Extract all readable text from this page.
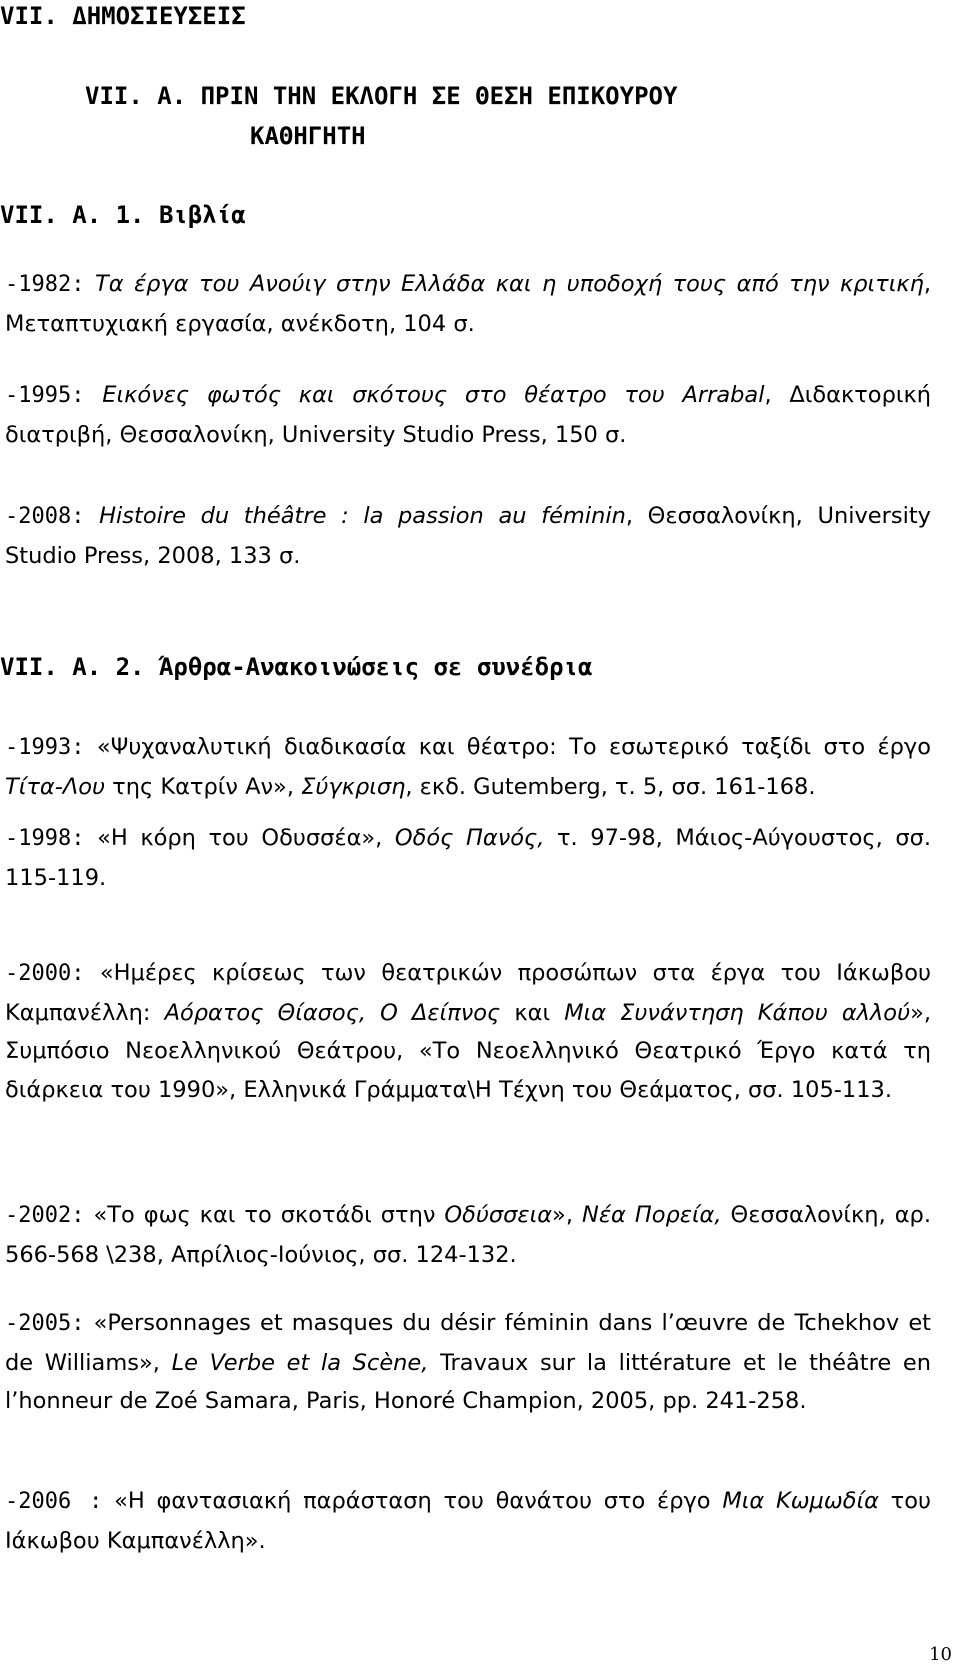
VII. ΔΗΜΟΣΙΕΥΣΕΙΣ
VII. A. ΠΡΙΝ ΤΗΝ ΕΚΛΟΓΗ ΣΕ ΘΕΣΗ ΕΠΙΚΟΥΡΟΥ
ΚΑΘΗΓΗΤΗ
VII. A. 1. Βιβλία

-1982: Τα έργα του Ανούιγ στην Ελλάδα και η υποδοχή τους από την κριτική, Μεταπτυχιακή εργασία, ανέκδοτη, 104 σ.

-1995: Εικόνες φωτός και σκότους στο θέατρο του Arrabal, Διδακτορική διατριβή, Θεσσαλονίκη, University Studio Press, 150 σ.

-2008: Histoire du théâtre : la passion au féminin, Θεσσαλονίκη, University Studio Press, 2008, 133 σ.

VII. A. 2. Άρθρα-Ανακοινώσεις σε συνέδρια

-1993: «Ψυχαναλυτική διαδικασία και θέατρο: Το εσωτερικό ταξίδι στο έργο Τίτα-Λου της Κατρίν Αν», Σύγκριση, εκδ. Gutemberg, τ. 5, σσ. 161-168.

-1998: «Η κόρη του Οδυσσέα», Οδός Πανός, τ. 97-98, Μάιος-Αύγουστος, σσ. 115-119.

-2000: «Ημέρες κρίσεως των θεατρικών προσώπων στα έργα του Ιάκωβου Καμπανέλλη: Αόρατος Θίασος, Ο Δείπνος και Μια Συνάντηση Κάπου αλλού», Συμπόσιο Νεοελληνικού Θεάτρου, «Το Νεοελληνικό Θεατρικό Έργο κατά τη διάρκεια του 1990», Ελληνικά Γράμματα\Η Τέχνη του Θεάματος, σσ. 105-113.

-2002: «Το φως και το σκοτάδι στην Οδύσσεια», Νέα Πορεία, Θεσσαλονίκη, αρ. 566-568 \238, Απρίλιος-Ιούνιος, σσ. 124-132.

-2005: «Personnages et masques du désir féminin dans l’œuvre de Tchekhov et de Williams», Le Verbe et la Scène, Travaux sur la littérature et le théâtre en l’honneur de Zoé Samara, Paris, Honoré Champion, 2005, pp. 241-258.

-2006 : «Η φαντασιακή παράσταση του θανάτου στο έργο Μια Κωμωδία του Ιάκωβου Καμπανέλλη».

10
